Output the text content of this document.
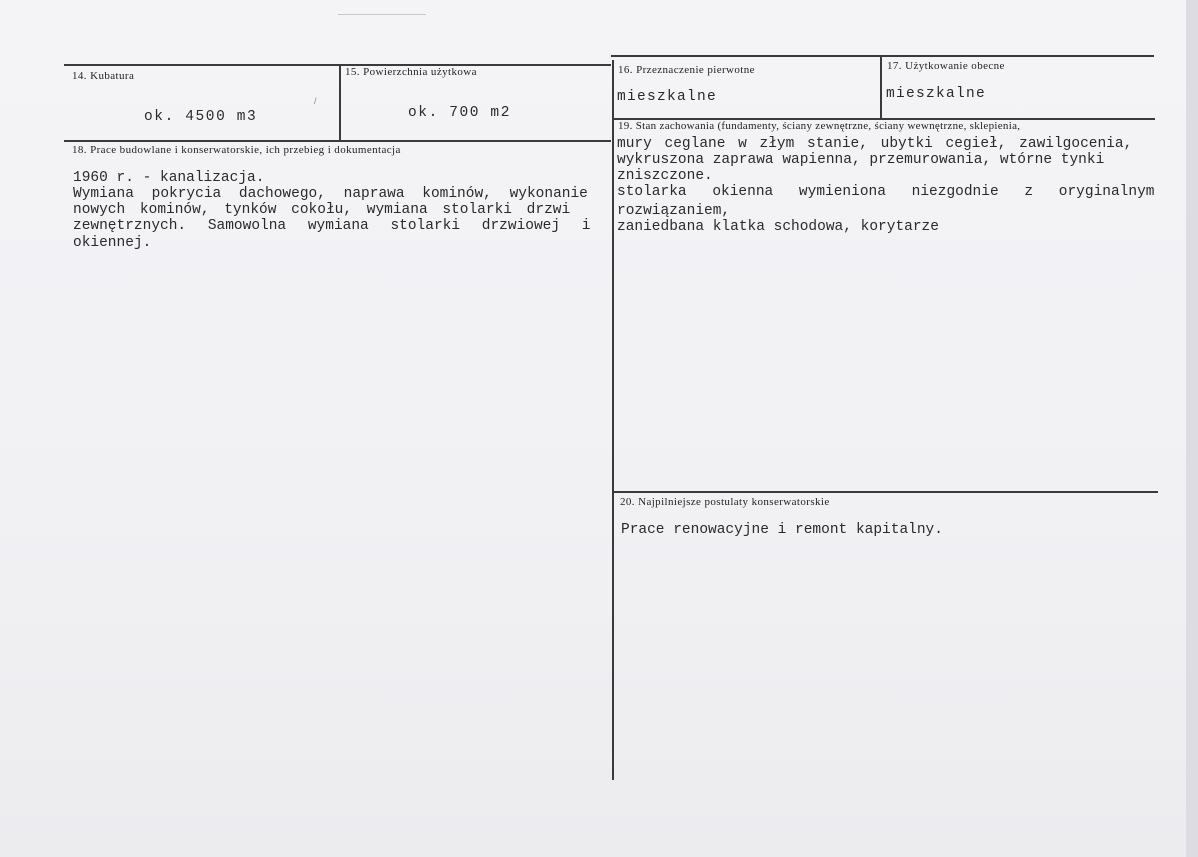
14. Kubatura
ok. 4500 m3
/
15. Powierzchnia użytkowa
ok. 700 m2
16. Przeznaczenie pierwotne
mieszkalne
17. Użytkowanie obecne
mieszkalne
18. Prace budowlane i konserwatorskie, ich przebieg i dokumentacja
1960 r. - kanalizacja.
Wymiana pokrycia dachowego, naprawa kominów, wykonanie
nowych kominów, tynków cokołu, wymiana stolarki drzwi
zewnętrznych. Samowolna wymiana stolarki drzwiowej i
okiennej.
19. Stan zachowania (fundamenty, ściany zewnętrzne, ściany wewnętrzne, sklepienia,
mury ceglane w złym stanie, ubytki cegieł, zawilgocenia,
wykruszona zaprawa wapienna, przemurowania, wtórne tynki
zniszczone.
stolarka okienna wymieniona niezgodnie z oryginalnym
rozwiązaniem,
zaniedbana klatka schodowa, korytarze
20. Najpilniejsze postulaty konserwatorskie
Prace renowacyjne i remont kapitalny.
